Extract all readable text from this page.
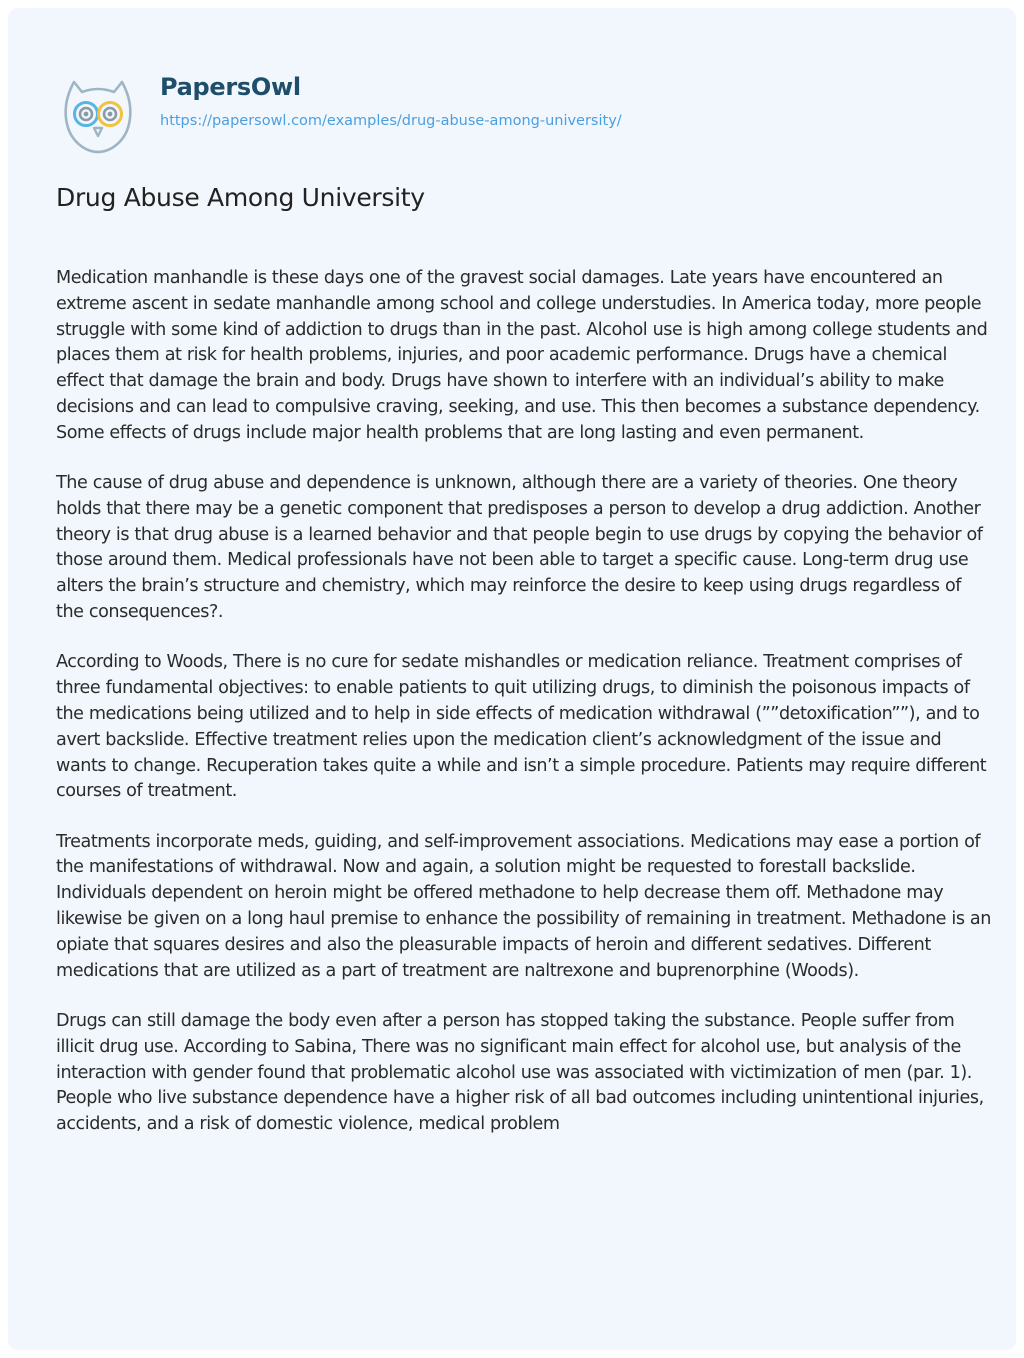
PapersOwl
https://papersowl.com/examples/drug-abuse-among-university/
Drug Abuse Among University

Medication manhandle is these days one of the gravest social damages. Late years have encountered an extreme ascent in sedate manhandle among school and college understudies. In America today, more people struggle with some kind of addiction to drugs than in the past. Alcohol use is high among college students and places them at risk for health problems, injuries, and poor academic performance. Drugs have a chemical effect that damage the brain and body. Drugs have shown to interfere with an individual’s ability to make decisions and can lead to compulsive craving, seeking, and use. This then becomes a substance dependency. Some effects of drugs include major health problems that are long lasting and even permanent.

The cause of drug abuse and dependence is unknown, although there are a variety of theories. One theory holds that there may be a genetic component that predisposes a person to develop a drug addiction. Another theory is that drug abuse is a learned behavior and that people begin to use drugs by copying the behavior of those around them. Medical professionals have not been able to target a specific cause. Long-term drug use alters the brain’s structure and chemistry, which may reinforce the desire to keep using drugs regardless of the consequences?.

According to Woods, There is no cure for sedate mishandles or medication reliance. Treatment comprises of three fundamental objectives: to enable patients to quit utilizing drugs, to diminish the poisonous impacts of the medications being utilized and to help in side effects of medication withdrawal (””detoxification””), and to avert backslide. Effective treatment relies upon the medication client’s acknowledgment of the issue and wants to change. Recuperation takes quite a while and isn’t a simple procedure. Patients may require different courses of treatment.

Treatments incorporate meds, guiding, and self-improvement associations. Medications may ease a portion of the manifestations of withdrawal. Now and again, a solution might be requested to forestall backslide. Individuals dependent on heroin might be offered methadone to help decrease them off. Methadone may likewise be given on a long haul premise to enhance the possibility of remaining in treatment. Methadone is an opiate that squares desires and also the pleasurable impacts of heroin and different sedatives. Different medications that are utilized as a part of treatment are naltrexone and buprenorphine (Woods).

Drugs can still damage the body even after a person has stopped taking the substance. People suffer from illicit drug use. According to Sabina, There was no significant main effect for alcohol use, but analysis of the interaction with gender found that problematic alcohol use was associated with victimization of men (par. 1). People who live substance dependence have a higher risk of all bad outcomes including unintentional injuries, accidents, and a risk of domestic violence, medical problem
